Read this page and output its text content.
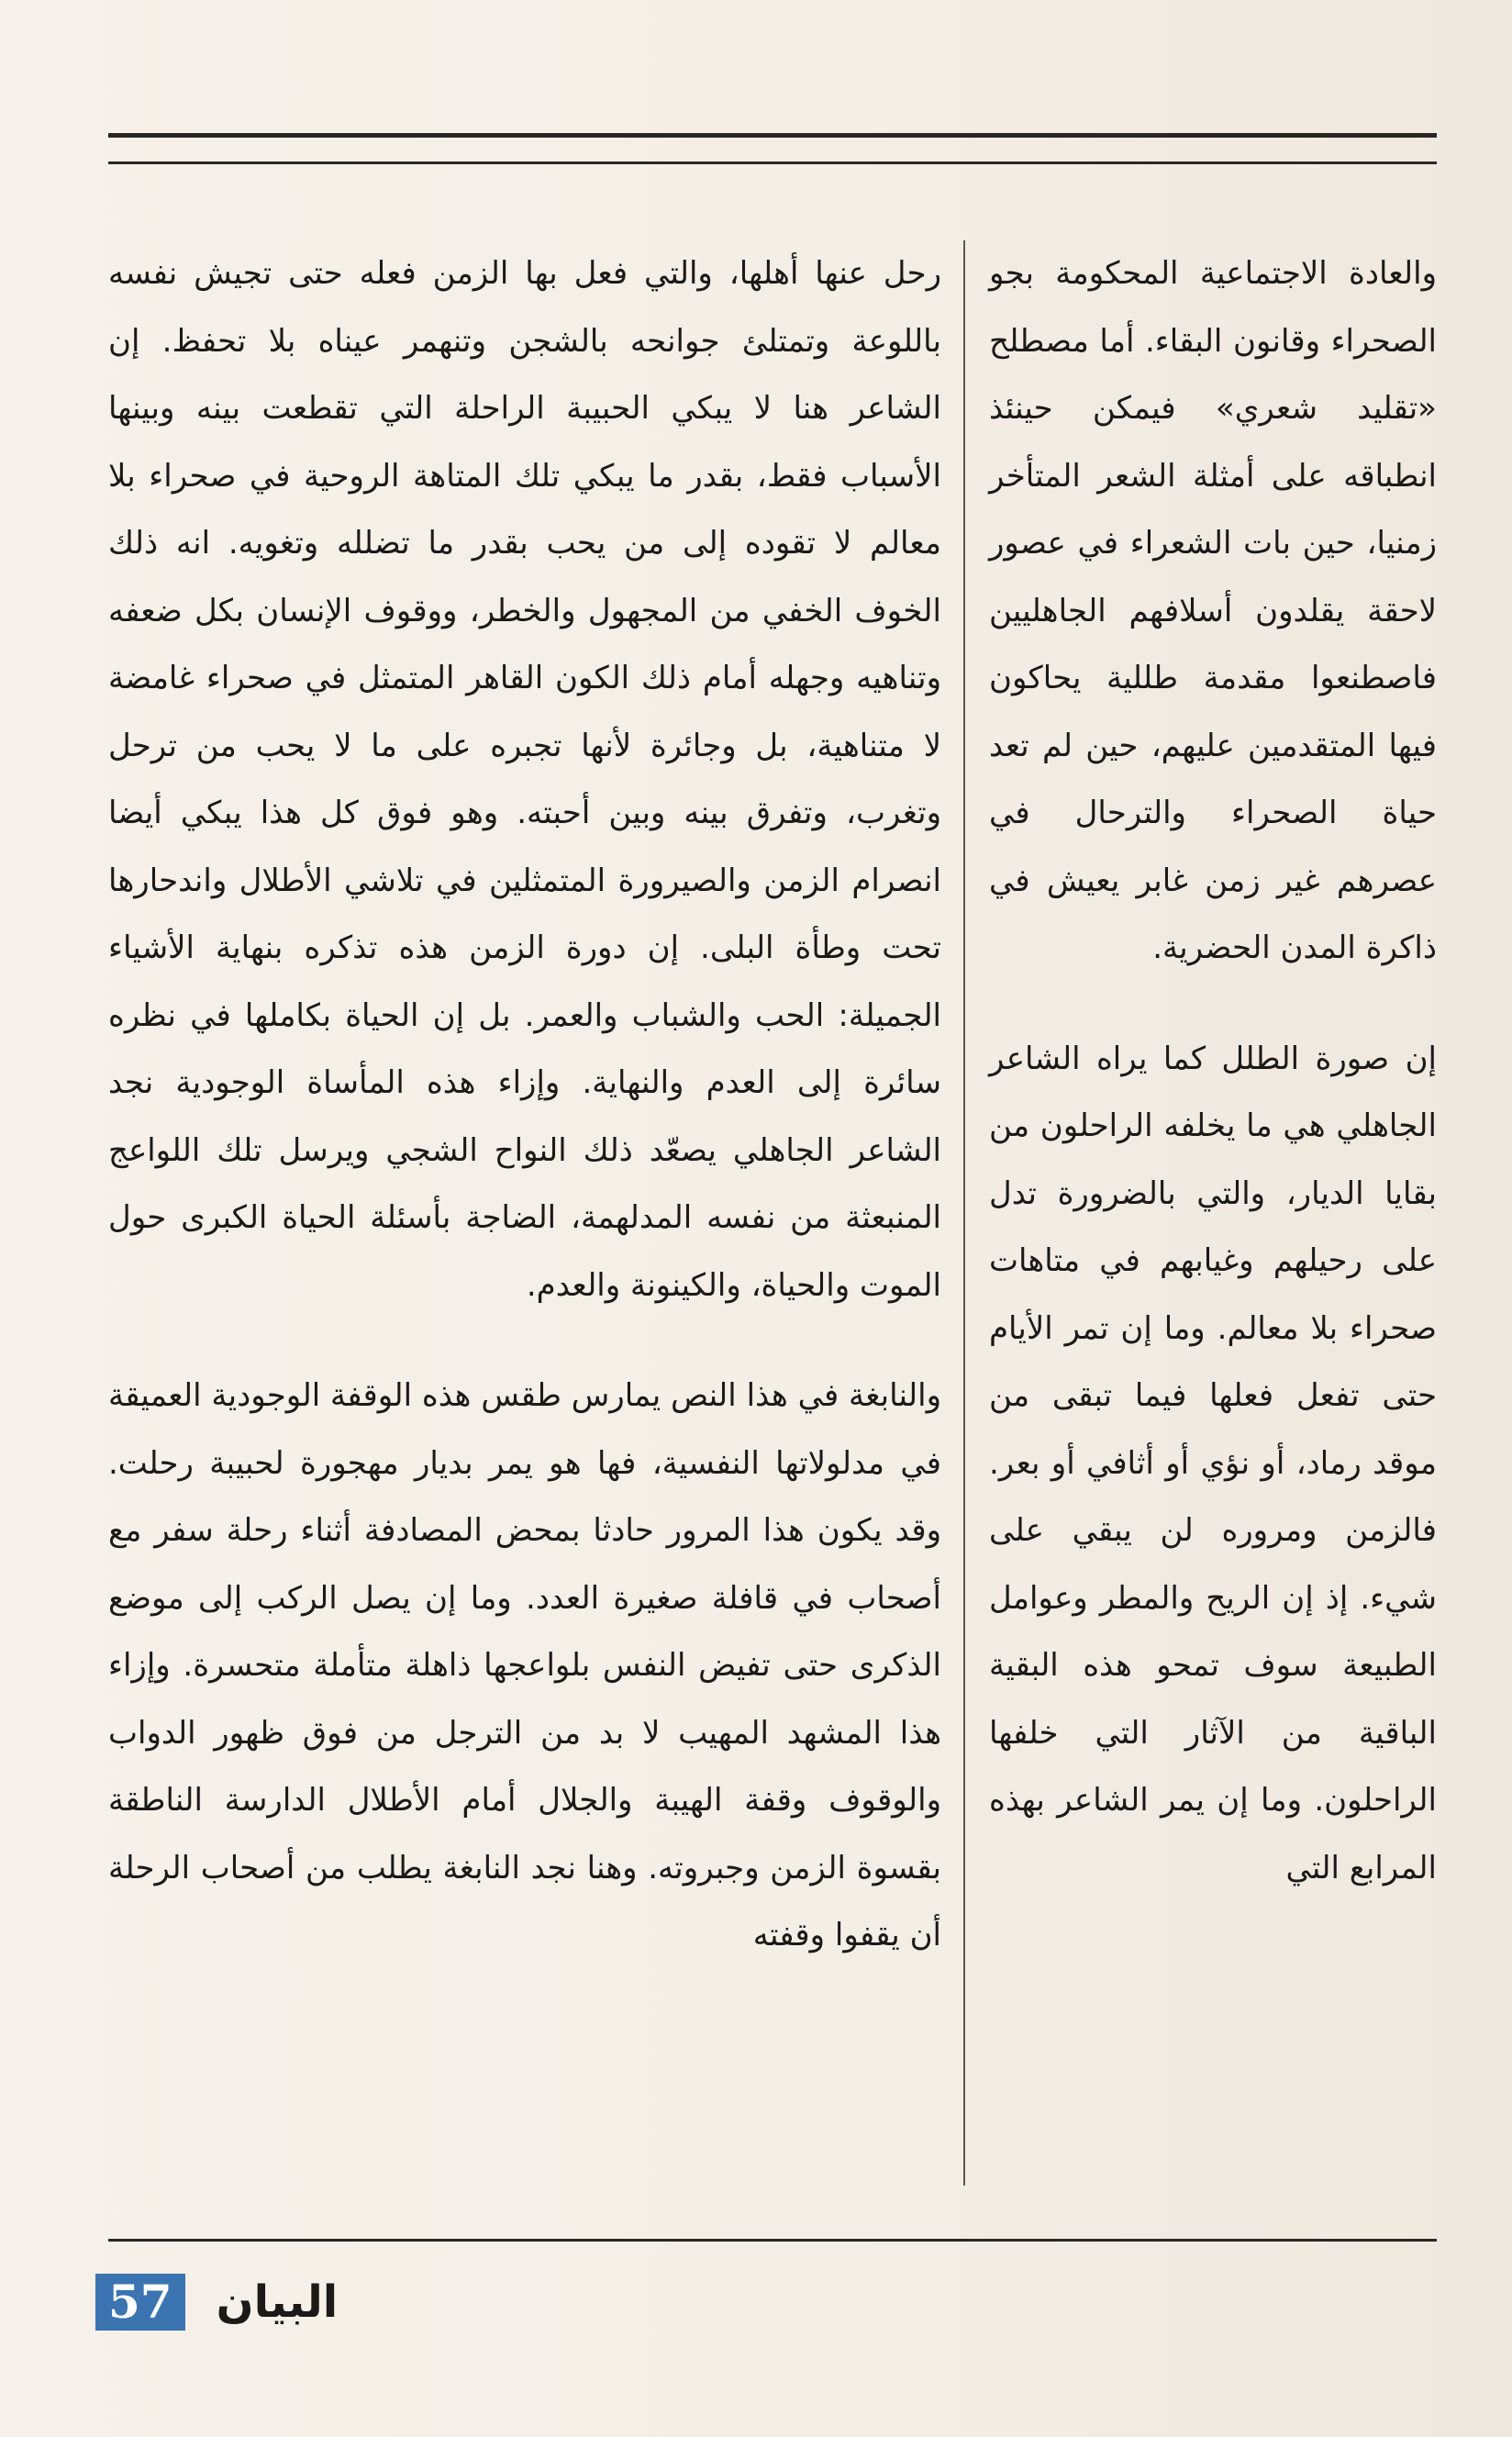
والعادة الاجتماعية المحكومة بجو الصحراء وقانون البقاء. أما مصطلح «تقليد شعري» فيمكن حينئذ انطباقه على أمثلة الشعر المتأخر زمنيا، حين بات الشعراء في عصور لاحقة يقلدون أسلافهم الجاهليين فاصطنعوا مقدمة طللية يحاكون فيها المتقدمين عليهم، حين لم تعد حياة الصحراء والترحال في عصرهم غير زمن غابر يعيش في ذاكرة المدن الحضرية.

إن صورة الطلل كما يراه الشاعر الجاهلي هي ما يخلفه الراحلون من بقايا الديار، والتي بالضرورة تدل على رحيلهم وغيابهم في متاهات صحراء بلا معالم. وما إن تمر الأيام حتى تفعل فعلها فيما تبقى من موقد رماد، أو نؤي أو أثافي أو بعر. فالزمن ومروره لن يبقي على شيء. إذ إن الريح والمطر وعوامل الطبيعة سوف تمحو هذه البقية الباقية من الآثار التي خلفها الراحلون. وما إن يمر الشاعر بهذه المرابع التي

رحل عنها أهلها، والتي فعل بها الزمن فعله حتى تجيش نفسه باللوعة وتمتلئ جوانحه بالشجن وتنهمر عيناه بلا تحفظ. إن الشاعر هنا لا يبكي الحبيبة الراحلة التي تقطعت بينه وبينها الأسباب فقط، بقدر ما يبكي تلك المتاهة الروحية في صحراء بلا معالم لا تقوده إلى من يحب بقدر ما تضلله وتغويه. انه ذلك الخوف الخفي من المجهول والخطر، ووقوف الإنسان بكل ضعفه وتناهيه وجهله أمام ذلك الكون القاهر المتمثل في صحراء غامضة لا متناهية، بل وجائرة لأنها تجبره على ما لا يحب من ترحل وتغرب، وتفرق بينه وبين أحبته. وهو فوق كل هذا يبكي أيضا انصرام الزمن والصيرورة المتمثلين في تلاشي الأطلال واندحارها تحت وطأة البلى. إن دورة الزمن هذه تذكره بنهاية الأشياء الجميلة: الحب والشباب والعمر. بل إن الحياة بكاملها في نظره سائرة إلى العدم والنهاية. وإزاء هذه المأساة الوجودية نجد الشاعر الجاهلي يصعّد ذلك النواح الشجي ويرسل تلك اللواعج المنبعثة من نفسه المدلهمة، الضاجة بأسئلة الحياة الكبرى حول الموت والحياة، والكينونة والعدم.

والنابغة في هذا النص يمارس طقس هذه الوقفة الوجودية العميقة في مدلولاتها النفسية، فها هو يمر بديار مهجورة لحبيبة رحلت. وقد يكون هذا المرور حادثا بمحض المصادفة أثناء رحلة سفر مع أصحاب في قافلة صغيرة العدد. وما إن يصل الركب إلى موضع الذكرى حتى تفيض النفس بلواعجها ذاهلة متأملة متحسرة. وإزاء هذا المشهد المهيب لا بد من الترجل من فوق ظهور الدواب والوقوف وقفة الهيبة والجلال أمام الأطلال الدارسة الناطقة بقسوة الزمن وجبروته. وهنا نجد النابغة يطلب من أصحاب الرحلة أن يقفوا وقفته

57 البيان
